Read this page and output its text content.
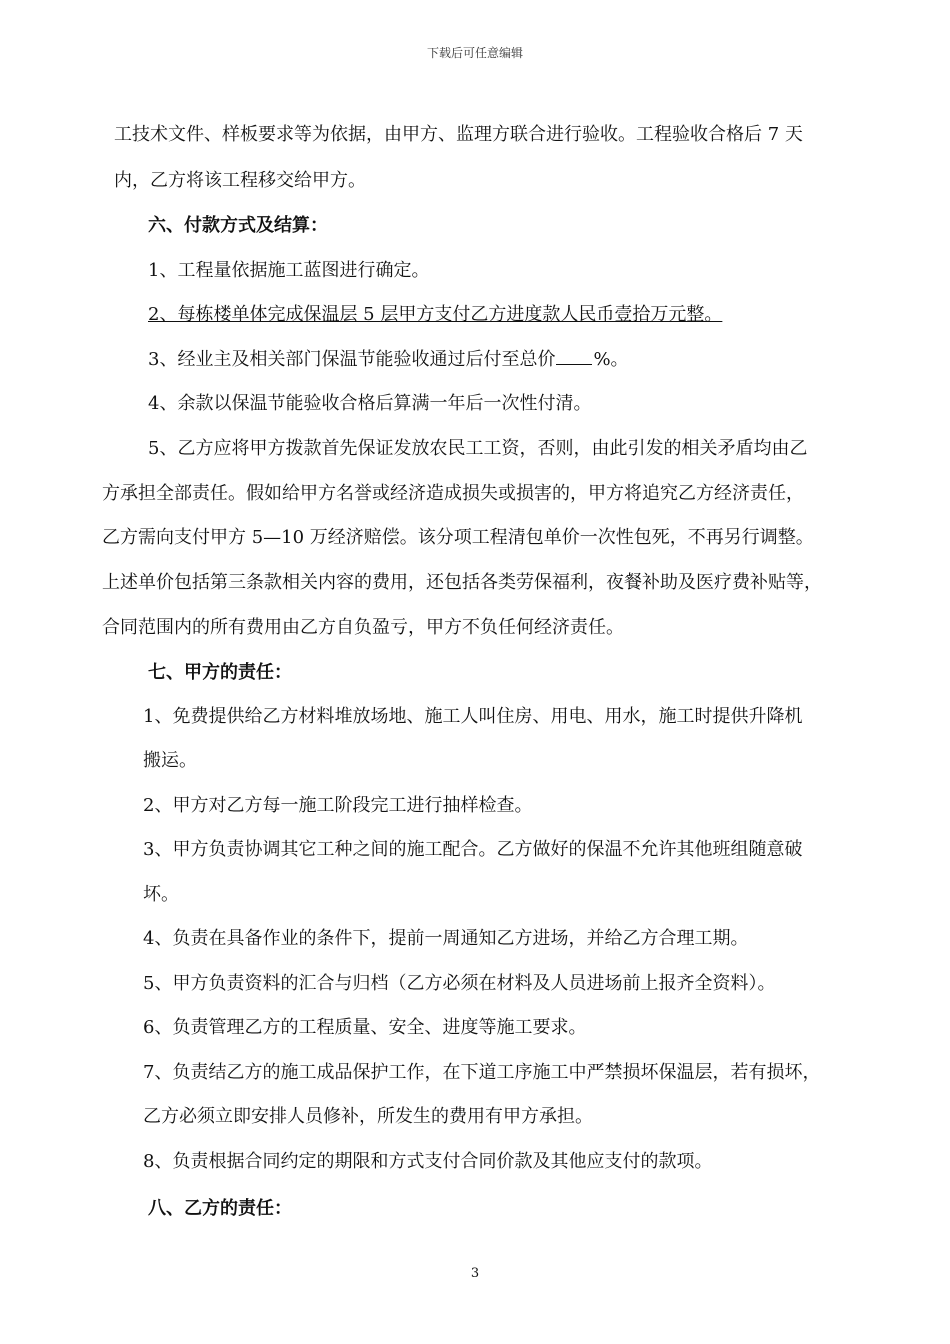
下载后可任意编辑
工技术文件、样板要求等为依据，由甲方、监理方联合进行验收。工程验收合格后 7 天
内，乙方将该工程移交给甲方。
六、付款方式及结算：
1、工程量依据施工蓝图进行确定。
2、每栋楼单体完成保温层 5 层甲方支付乙方进度款人民币壹拾万元整。
3、经业主及相关部门保温节能验收通过后付至总价 %。
4、余款以保温节能验收合格后算满一年后一次性付清。
5、乙方应将甲方拨款首先保证发放农民工工资，否则，由此引发的相关矛盾均由乙
方承担全部责任。假如给甲方名誉或经济造成损失或损害的，甲方将追究乙方经济责任，
乙方需向支付甲方 5—10 万经济赔偿。该分项工程清包单价一次性包死，不再另行调整。
上述单价包括第三条款相关内容的费用，还包括各类劳保福利，夜餐补助及医疗费补贴等，
合同范围内的所有费用由乙方自负盈亏，甲方不负任何经济责任。
七、甲方的责任：
1、免费提供给乙方材料堆放场地、施工人叫住房、用电、用水，施工时提供升降机
搬运。
2、甲方对乙方每一施工阶段完工进行抽样检查。
3、甲方负责协调其它工种之间的施工配合。乙方做好的保温不允许其他班组随意破
坏。
4、负责在具备作业的条件下，提前一周通知乙方进场，并给乙方合理工期。
5、甲方负责资料的汇合与归档（乙方必须在材料及人员进场前上报齐全资料）。
6、负责管理乙方的工程质量、安全、进度等施工要求。
7、负责结乙方的施工成品保护工作，在下道工序施工中严禁损坏保温层，若有损坏，
乙方必须立即安排人员修补，所发生的费用有甲方承担。
8、负责根据合同约定的期限和方式支付合同价款及其他应支付的款项。
八、乙方的责任：
3
